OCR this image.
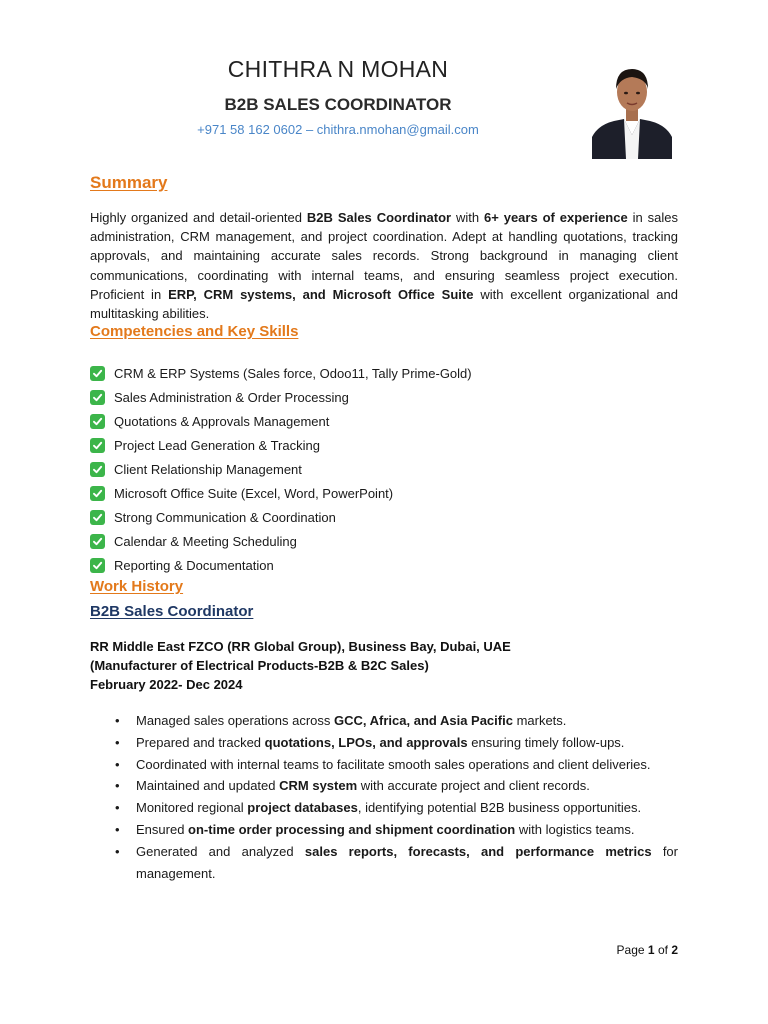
CHITHRA N MOHAN
B2B SALES COORDINATOR
+971 58 162 0602 – chithra.nmohan@gmail.com
Summary
Highly organized and detail-oriented B2B Sales Coordinator with 6+ years of experience in sales administration, CRM management, and project coordination. Adept at handling quotations, tracking approvals, and maintaining accurate sales records. Strong background in managing client communications, coordinating with internal teams, and ensuring seamless project execution. Proficient in ERP, CRM systems, and Microsoft Office Suite with excellent organizational and multitasking abilities.
Competencies and Key Skills
CRM & ERP Systems (Sales force, Odoo11, Tally Prime-Gold)
Sales Administration & Order Processing
Quotations & Approvals Management
Project Lead Generation & Tracking
Client Relationship Management
Microsoft Office Suite (Excel, Word, PowerPoint)
Strong Communication & Coordination
Calendar & Meeting Scheduling
Reporting & Documentation
Work History
B2B Sales Coordinator
RR Middle East FZCO (RR Global Group), Business Bay, Dubai, UAE
(Manufacturer of Electrical Products-B2B & B2C Sales)
February 2022- Dec 2024
• Managed sales operations across GCC, Africa, and Asia Pacific markets.
• Prepared and tracked quotations, LPOs, and approvals ensuring timely follow-ups.
• Coordinated with internal teams to facilitate smooth sales operations and client deliveries.
• Maintained and updated CRM system with accurate project and client records.
• Monitored regional project databases, identifying potential B2B business opportunities.
• Ensured on-time order processing and shipment coordination with logistics teams.
• Generated and analyzed sales reports, forecasts, and performance metrics for management.
Page 1 of 2
